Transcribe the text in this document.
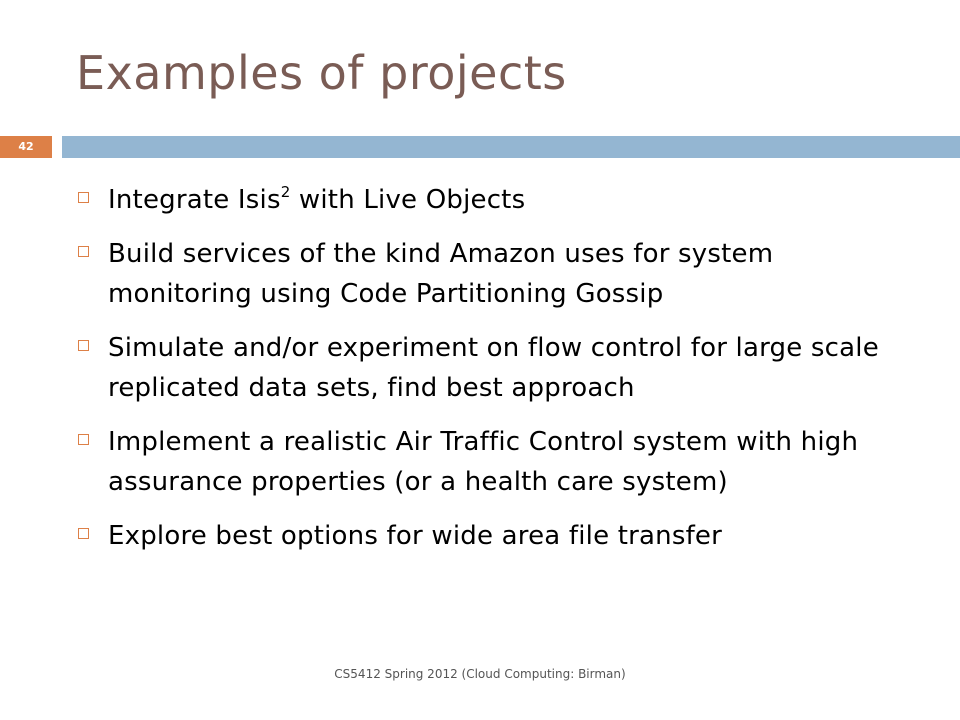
Examples of projects
42
Integrate Isis$^2$ with Live Objects
Build services of the kind Amazon uses for system monitoring using Code Partitioning Gossip
Simulate and/or experiment on flow control for large scale replicated data sets, find best approach
Implement a realistic Air Traffic Control system with high assurance properties (or a health care system)
Explore best options for wide area file transfer
CS5412 Spring 2012 (Cloud Computing: Birman)
